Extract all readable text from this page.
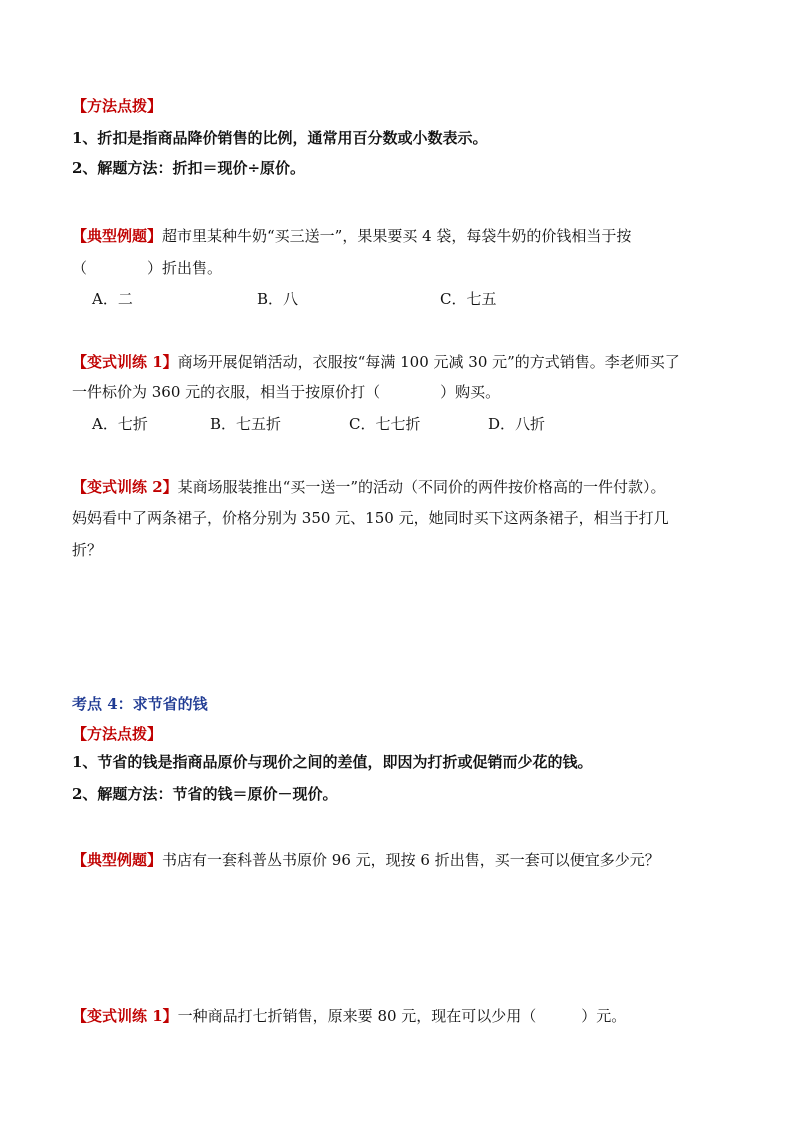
【方法点拨】
1、折扣是指商品降价销售的比例，通常用百分数或小数表示。
2、解题方法：折扣＝现价÷原价。
【典型例题】超市里某种牛奶“买三送一”，果果要买 4 袋，每袋牛奶的价钱相当于按
（　　　　）折出售。
A．二	B．八	C．七五
【变式训练 1】商场开展促销活动，衣服按“每满 100 元减 30 元”的方式销售。李老师买了
一件标价为 360 元的衣服，相当于按原价打（　　　　）购买。
A．七折	B．七五折	C．七七折	D．八折
【变式训练 2】某商场服装推出“买一送一”的活动（不同价的两件按价格高的一件付款）。
妈妈看中了两条裙子，价格分别为 350 元、150 元，她同时买下这两条裙子，相当于打几
折？
考点 4：求节省的钱
【方法点拨】
1、节省的钱是指商品原价与现价之间的差值，即因为打折或促销而少花的钱。
2、解题方法：节省的钱＝原价－现价。
【典型例题】书店有一套科普丛书原价 96 元，现按 6 折出售，买一套可以便宜多少元？
【变式训练 1】一种商品打七折销售，原来要 80 元，现在可以少用（　　　）元。
